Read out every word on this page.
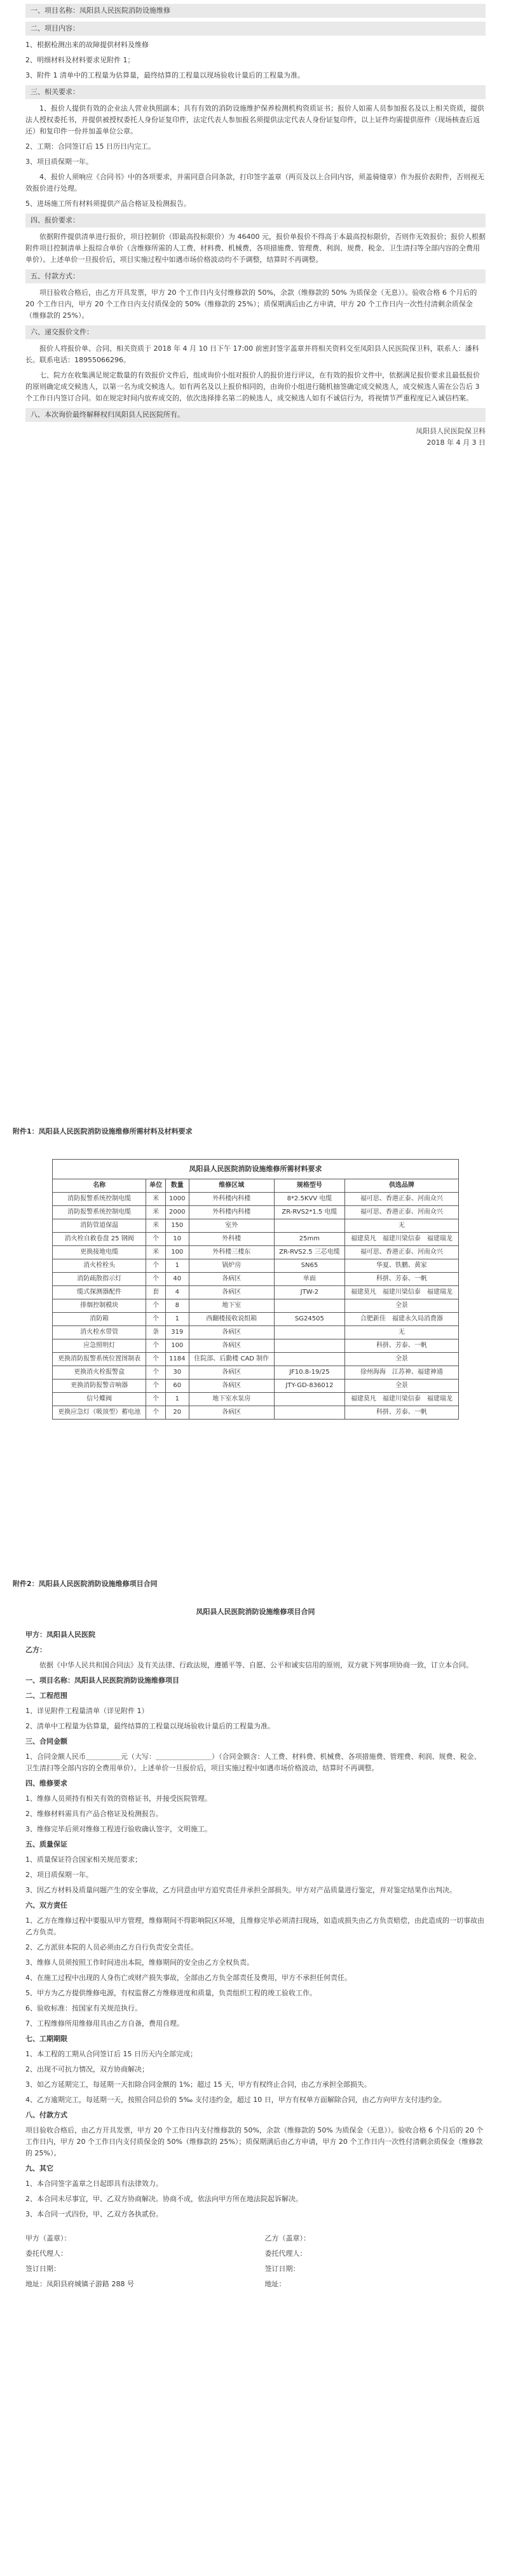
一、项目名称：凤阳县人民医院消防设施维修
二、项目内容：
1、根据检测出来的故障提供材料及维修
2、明细材料及材料要求见附件 1；
3、附件 1 清单中的工程量为估算量，最终结算的工程量以现场验收计量后的工程量为准。
三、相关要求：
1、报价人提供有效的企业法人营业执照副本；具有有效的消防设施维护保养检测机构资质证书；报价人如需人员参加报名及以上相关资质，提供法人授权委托书，并提供被授权委托人身份证复印件，法定代表人参加报名须提供法定代表人身份证复印件，以上证件均需提供原件（现场核查后返还）和复印件一份并加盖单位公章。
2、工期：合同签订后 15 日历日内完工。
3、项目质保期一年。
4、报价人须响应《合同书》中的各项要求，并需同意合同条款，打印签字盖章（两页及以上合同内容，须盖骑缝章）作为报价表附件，否则视无效报价进行处理。
5、进场施工所有材料须提供产品合格证及检测报告。
四、报价要求：
依据附件提供清单进行报价，项目控制价（即最高投标限价）为 46400 元，报价单报价不得高于本最高投标限价，否则作无效报价；报价人根据附件项目控制清单上报综合单价（含维修所需的人工费、材料费、机械费、各项措施费、管理费、利润、规费、税金、卫生清扫等全部内容的全费用单价）。上述单价一旦报价后，项目实施过程中如遇市场价格波动均不予调整，结算时不再调整。
五、付款方式：
项目验收合格后，由乙方开具发票，甲方 20 个工作日内支付维修款的 50%，余款（维修款的 50% 为质保金（无息））。验收合格 6 个月后的 20 个工作日内，甲方 20 个工作日内支付质保金的 50%（维修款的 25%）；质保期满后由乙方申请，甲方 20 个工作日内一次性付清剩余质保金（维修款的 25%）。
六、递交报价文件：
报价人将报价单、合同、相关资质于 2018 年 4 月 10 日下午 17:00 前密封签字盖章并将相关资料交至凤阳县人民医院保卫科，联系人：潘科长。联系电话：18955066296。
七、院方在收集满足规定数量的有效报价文件后，组成询价小组对报价人的报价进行评议，在有效的报价文件中，依据满足报价要求且最低报价的原则确定成交候选人，以第一名为成交候选人。如有两名及以上报价相同的，由询价小组进行随机抽签确定成交候选人，成交候选人需在公告后 3 个工作日内签订合同。如在规定时间内放弃成交的，依次选择排名第二的候选人，成交候选人如有不诚信行为，将视情节严重程度记入诚信档案。
八、本次询价最终解释权归凤阳县人民医院所有。
凤阳县人民医院保卫科
2018 年 4 月 3 日
附件1：凤阳县人民医院消防设施维修所需材料及材料要求
凤阳县人民医院消防设施维修所需材料要求
名称	单位	数量	维修区域	规格型号	供选品牌
消防报警系统控制电缆	米	1000	外科楼内科楼	8*2.5KVV 电缆	福可思、香港正泰、河南众兴
消防报警系统控制电缆	米	2000	外科楼内科楼	ZR-RVS2*1.5 电缆	福可思、香港正泰、河南众兴
消防管道保温	米	150	室外		无
消火栓自救卷盘 25 钢阀	个	10	外科楼	25mm	福建莫凡　福建川梁信泰　福建瑞龙
更换接地电缆	米	100	外科楼三楼东	ZR-RVS2.5 三芯电缆	福可思、香港正泰、河南众兴
消火栓栓头	个	1	锅炉房	SN65	华夏、铁鹏、黄家
消防疏散指示灯	个	40	各病区	单面	科拼、芳泰、一帆
缆式探测器配件	套	4	各病区	JTW-2	福建莫凡　福建川梁信泰　福建瑞龙
排烟控制模块	个	8	地下室		全景
消防箱	个	1	西翻楼接收说组箱	SG24505	合肥新佳　福建永久局消费器
消火栓水带管	条	319	各病区		无
应急照明灯	个	100	各病区		科拼、芳泰、一帆
更换消防报警系统位置图制表	个	1184	住院部、后勤楼 CAD 制作		全景
更换消火栓报警盒	个	30	各病区	JF10.8-19/25	徐州海海　江苏神、福建神通
更换消防报警音响器	个	60	各病区	JTY-GD-836012	全景
信号蝶阀	个	1	地下室水泵房		福建莫凡　福建川梁信泰　福建瑞龙
更换应急灯（吸顶型）蓄电池	个	20	各病区		科拼、芳泰、一帆
附件2：凤阳县人民医院消防设施维修项目合同
凤阳县人民医院消防设施维修项目合同

甲方：凤阳县人民医院

乙方：

依据《中华人民共和国合同法》及有关法律、行政法规，遵循平等、自愿、公平和诚实信用的原则，双方就下列事项协商一致，订立本合同。

一、项目名称：凤阳县人民医院消防设施维修项目

二、工程范围

1、详见附件工程量清单（详见附件 1）

2、清单中工程量为估算量，最终结算的工程量以现场验收计量后的工程量为准。

三、合同金额

1、合同金额人民币＿＿＿＿＿元（大写：＿＿＿＿＿＿＿＿）（合同金额含：人工费、材料费、机械费、各项措施费、管理费、利润、规费、税金、卫生清扫等全部内容的全费用单价）。上述单价一旦报价后，项目实施过程中如遇市场价格波动，结算时不再调整。

四、维修要求

1、维修人员须持有相关有效的资格证书，并接受医院管理。

2、维修材料需具有产品合格证及检测报告。

3、维修完毕后须对维修工程进行验收确认签字，文明施工。

五、质量保证

1、质量保证符合国家相关规范要求；

2、项目质保期一年。

3、因乙方材料及质量问题产生的安全事故，乙方同意由甲方追究责任并承担全部损失。甲方对产品质量进行鉴定，并对鉴定结果作出判决。

六、双方责任

1、乙方在维修过程中要服从甲方管理，维修期间不得影响院区环境，且维修完毕必须清扫现场，如造成损失由乙方负责赔偿，由此造成的一切事故由乙方负责。

2、乙方派驻本院的人员必须由乙方自行负责安全责任。

3、维修人员须按照工作时间进出本院，维修期间的安全由乙方全权负责。

4、在施工过程中出现的人身伤亡或财产损失事故，全部由乙方负全部责任及费用，甲方不承担任何责任。

5、甲方为乙方提供维修电源，有权监督乙方维修进度和质量，负责组织工程的竣工验收工作。

6、验收标准：按国家有关规范执行。

7、工程维修所用维修用具由乙方自备，费用自理。

七、工期期限

1、本工程的工期从合同签订后 15 日历天内全部完成；

2、出现不可抗力情况，双方协商解决；

3、如乙方延期完工，每延期一天扣除合同金额的 1%；超过 15 天，甲方有权终止合同，由乙方承担全部损失。

4、乙方逾期完工，每延期一天，按照合同总价的 5‰ 支付违约金，超过 10 日，甲方有权单方面解除合同，由乙方向甲方支付违约金。

八、付款方式

项目验收合格后，由乙方开具发票，甲方 20 个工作日内支付维修款的 50%，余款（维修款的 50% 为质保金（无息））。验收合格 6 个月后的 20 个工作日内，甲方 20 个工作日内支付质保金的 50%（维修款的 25%）；质保期满后由乙方申请，甲方 20 个工作日内一次性付清剩余质保金（维修款的 25%）。

九、其它

1、本合同签字盖章之日起即具有法律效力。

2、本合同未尽事宜，甲、乙双方协商解决。协商不成，依法向甲方所在地法院起诉解决。

3、本合同一式四份，甲、乙双方各执贰份。

甲方（盖章）：

委托代理人：

签订日期：

地址：凤阳县府城镇子游路 288 号

乙方（盖章）：

委托代理人：

签订日期：

地址：
